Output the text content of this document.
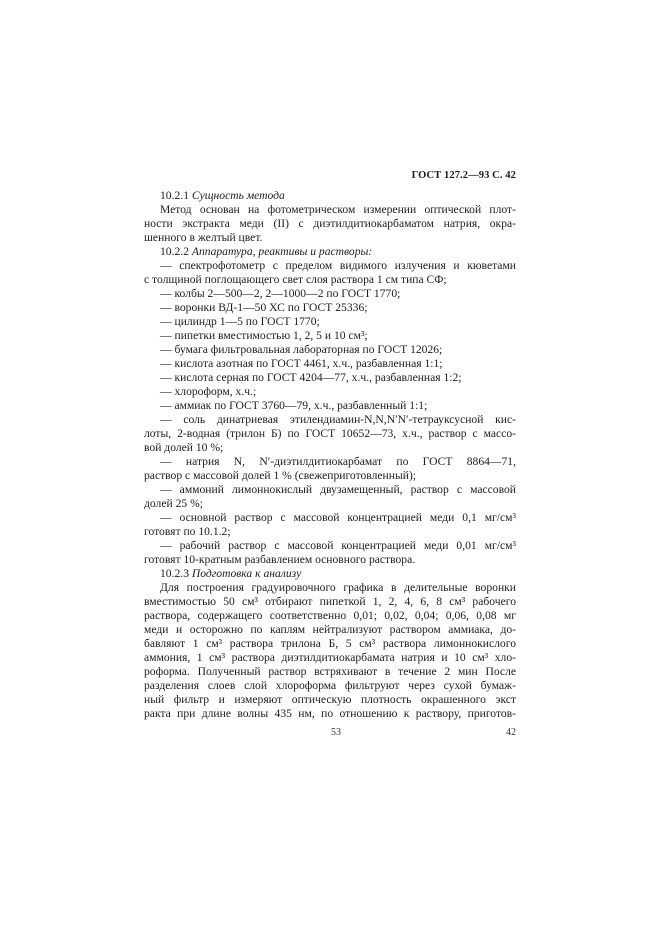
ГОСТ 127.2—93 С. 42
10.2.1 Сущность метода
Метод основан на фотометрическом измерении оптической плот-
ности экстракта меди (II) с диэтилдитиокарбаматом натрия, окра-
шенного в желтый цвет.
10.2.2 Аппаратура, реактивы и растворы:
— спектрофотометр с пределом видимого излучения и кюветами
с толщиной поглощающего свет слоя раствора 1 см типа СФ;
— колбы 2—500—2, 2—1000—2 по ГОСТ 1770;
— воронки ВД-1—50 ХС по ГОСТ 25336;
— цилиндр 1—5 по ГОСТ 1770;
— пипетки вместимостью 1, 2, 5 и 10 см³;
— бумага фильтровальная лабораторная по ГОСТ 12026;
— кислота азотная по ГОСТ 4461, х.ч., разбавленная 1:1;
— кислота серная по ГОСТ 4204—77, х.ч., разбавленная 1:2;
— хлороформ, х.ч.;
— аммиак по ГОСТ 3760—79, х.ч., разбавленный 1:1;
— соль динатриевая этилендиамин-N,N,N′N′-тетрауксусной кис-
лоты, 2-водная (трилон Б) по ГОСТ 10652—73, х.ч., раствор с массо-
вой долей 10 %;
— натрия N, N′-диэтилдитиокарбамат по ГОСТ 8864—71,
раствор с массовой долей 1 % (свежеприготовленный);
— аммоний лимоннокислый двузамещенный, раствор с массовой
долей 25 %;
— основной раствор с массовой концентрацией меди 0,1 мг/см³
готовят по 10.1.2;
— рабочий раствор с массовой концентрацией меди 0,01 мг/см³
готовят 10-кратным разбавлением основного раствора.
10.2.3 Подготовка к анализу
Для построения градуировочного графика в делительные воронки
вместимостью 50 см³ отбирают пипеткой 1, 2, 4, 6, 8 см³ рабочего
раствора, содержащего соответственно 0,01; 0,02, 0,04; 0,06, 0,08 мг
меди и осторожно по каплям нейтрализуют раствором аммиака, до-
бавляют 1 см³ раствора трилона Б, 5 см³ раствора лимоннокислого
аммония, 1 см³ раствора диэтилдитиокарбамата натрия и 10 см³ хло-
роформа. Полученный раствор встряхивают в течение 2 мин После
разделения слоев слой хлороформа фильтруют через сухой бумаж-
ный фильтр и измеряют оптическую плотность окрашенного экст
ракта при длине волны 435 нм, по отношению к раствору, приготов-
53	42
